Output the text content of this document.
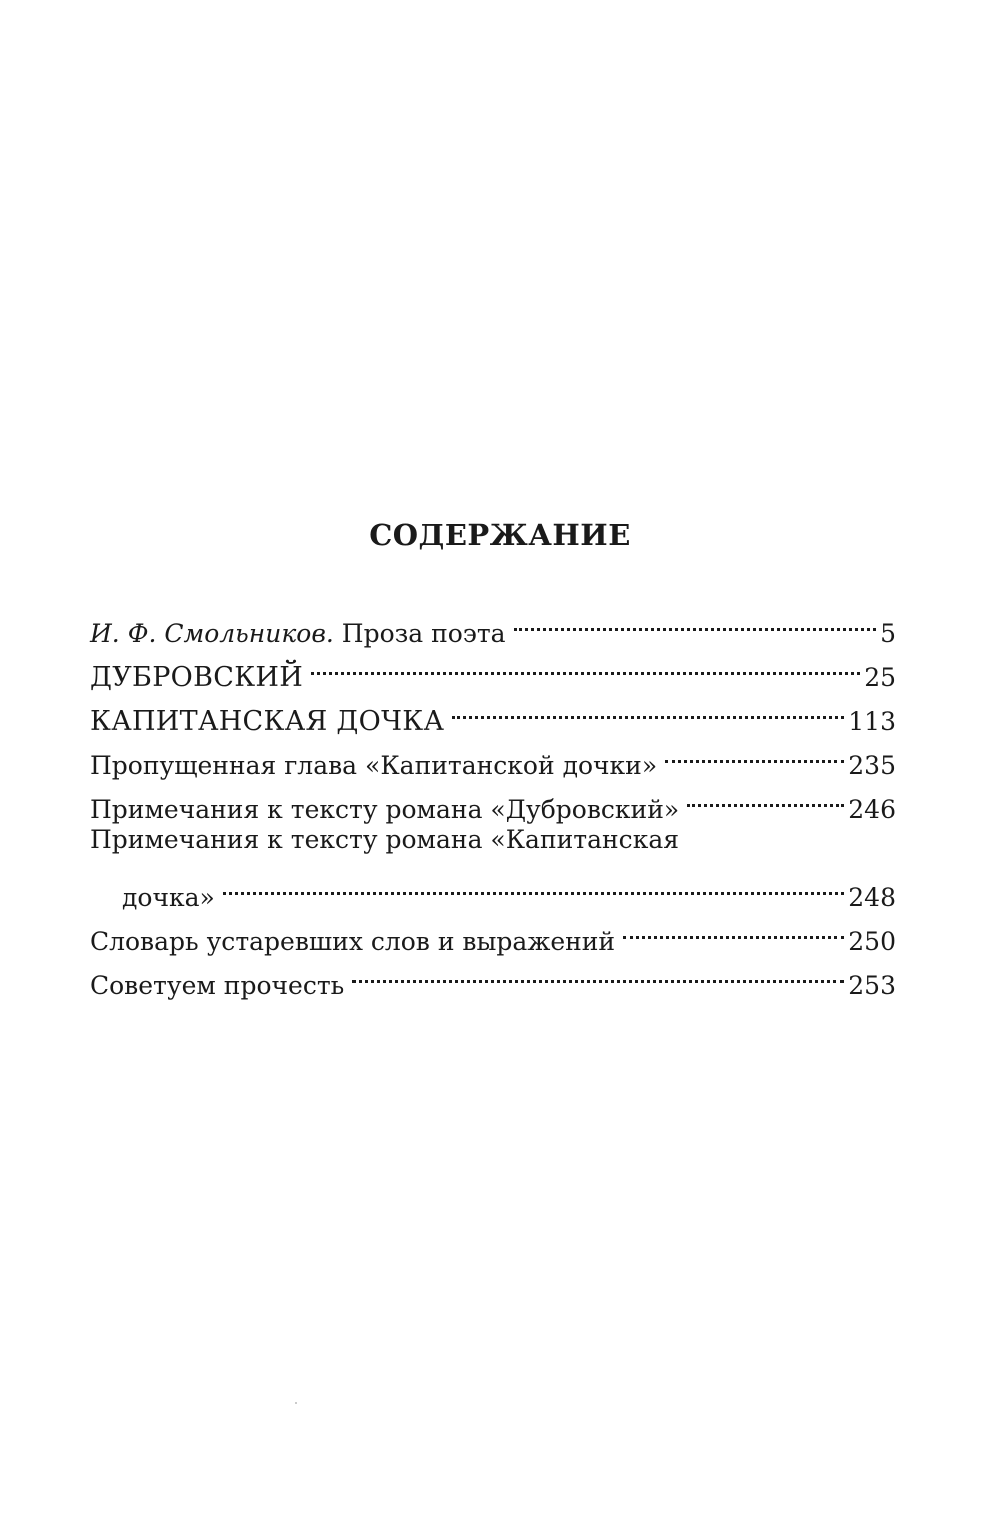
СОДЕРЖАНИЕ
И. Ф. Смольников. Проза поэта	5
ДУБРОВСКИЙ	25
КАПИТАНСКАЯ ДОЧКА	113
Пропущенная глава «Капитанской дочки»	235
Примечания к тексту романа «Дубровский»	246
Примечания к тексту романа «Капитанская
дочка»	248
Словарь устаревших слов и выражений	250
Советуем прочесть	253
